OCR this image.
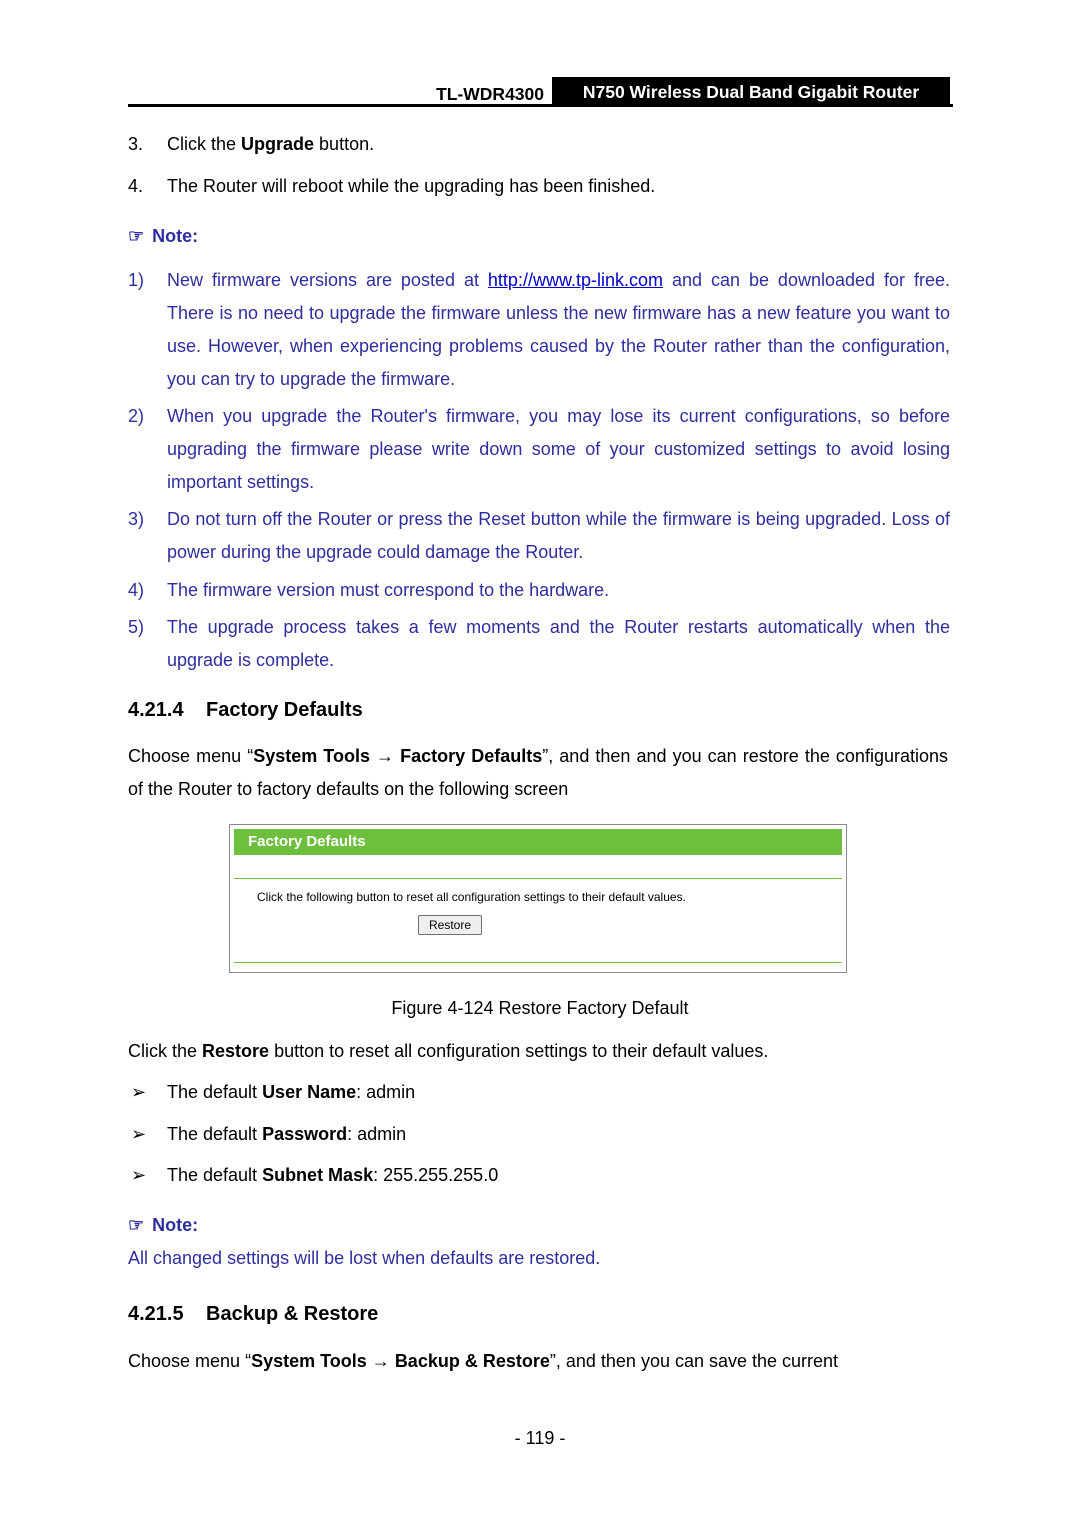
TL-WDR4300	N750 Wireless Dual Band Gigabit Router
3. Click the Upgrade button.
4. The Router will reboot while the upgrading has been finished.
☞ Note:
1) New firmware versions are posted at http://www.tp-link.com and can be downloaded for free. There is no need to upgrade the firmware unless the new firmware has a new feature you want to use. However, when experiencing problems caused by the Router rather than the configuration, you can try to upgrade the firmware.
2) When you upgrade the Router's firmware, you may lose its current configurations, so before upgrading the firmware please write down some of your customized settings to avoid losing important settings.
3) Do not turn off the Router or press the Reset button while the firmware is being upgraded. Loss of power during the upgrade could damage the Router.
4) The firmware version must correspond to the hardware.
5) The upgrade process takes a few moments and the Router restarts automatically when the upgrade is complete.
4.21.4 Factory Defaults
Choose menu “System Tools → Factory Defaults”, and then and you can restore the configurations of the Router to factory defaults on the following screen
Factory Defaults
Click the following button to reset all configuration settings to their default values.
Restore
Figure 4-124 Restore Factory Default
Click the Restore button to reset all configuration settings to their default values.
➢ The default User Name: admin
➢ The default Password: admin
➢ The default Subnet Mask: 255.255.255.0
☞ Note:
All changed settings will be lost when defaults are restored.
4.21.5 Backup & Restore
Choose menu “System Tools → Backup & Restore”, and then you can save the current
- 119 -
